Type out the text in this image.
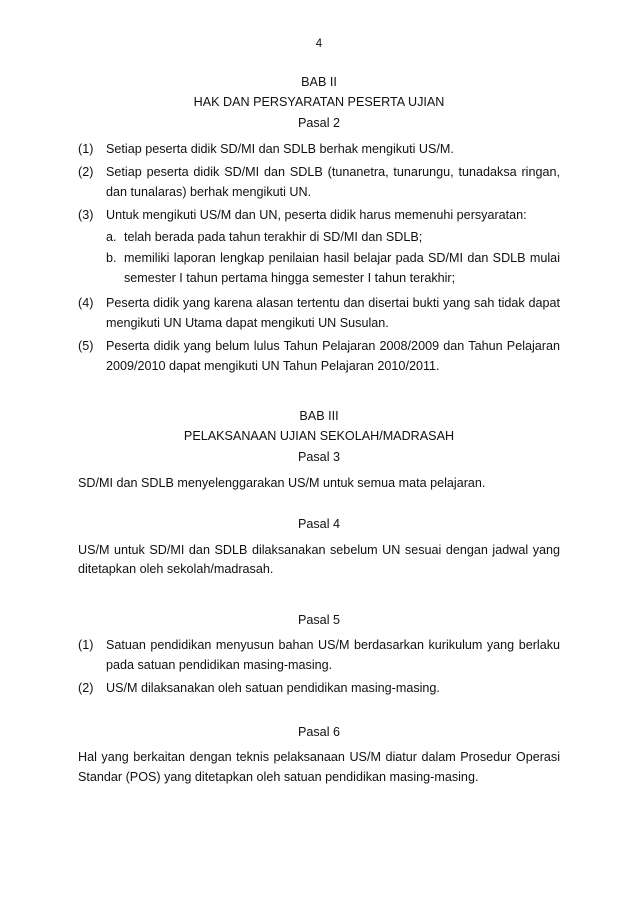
4
BAB II
HAK DAN PERSYARATAN PESERTA UJIAN
Pasal 2
(1) Setiap peserta didik SD/MI dan SDLB berhak mengikuti US/M.
(2) Setiap peserta didik SD/MI dan SDLB (tunanetra, tunarungu, tunadaksa ringan, dan tunalaras) berhak mengikuti UN.
(3) Untuk mengikuti US/M dan UN, peserta didik harus memenuhi persyaratan:
a. telah berada pada tahun terakhir di SD/MI dan SDLB;
b. memiliki laporan lengkap penilaian hasil belajar pada SD/MI dan SDLB mulai semester I tahun pertama hingga semester I tahun terakhir;
(4) Peserta didik yang karena alasan tertentu dan disertai bukti yang sah tidak dapat mengikuti UN Utama dapat mengikuti UN Susulan.
(5) Peserta didik yang belum lulus Tahun Pelajaran 2008/2009 dan Tahun Pelajaran 2009/2010 dapat mengikuti UN Tahun Pelajaran 2010/2011.
BAB III
PELAKSANAAN UJIAN SEKOLAH/MADRASAH
Pasal 3

SD/MI dan SDLB menyelenggarakan US/M untuk semua mata pelajaran.

Pasal 4

US/M untuk SD/MI dan SDLB dilaksanakan sebelum UN sesuai dengan jadwal yang ditetapkan oleh sekolah/madrasah.

Pasal 5
(1) Satuan pendidikan menyusun bahan US/M berdasarkan kurikulum yang berlaku pada satuan pendidikan masing-masing.
(2) US/M dilaksanakan oleh satuan pendidikan masing-masing.
Pasal 6

Hal yang berkaitan dengan teknis pelaksanaan US/M diatur dalam Prosedur Operasi Standar (POS) yang ditetapkan oleh satuan pendidikan masing-masing.
